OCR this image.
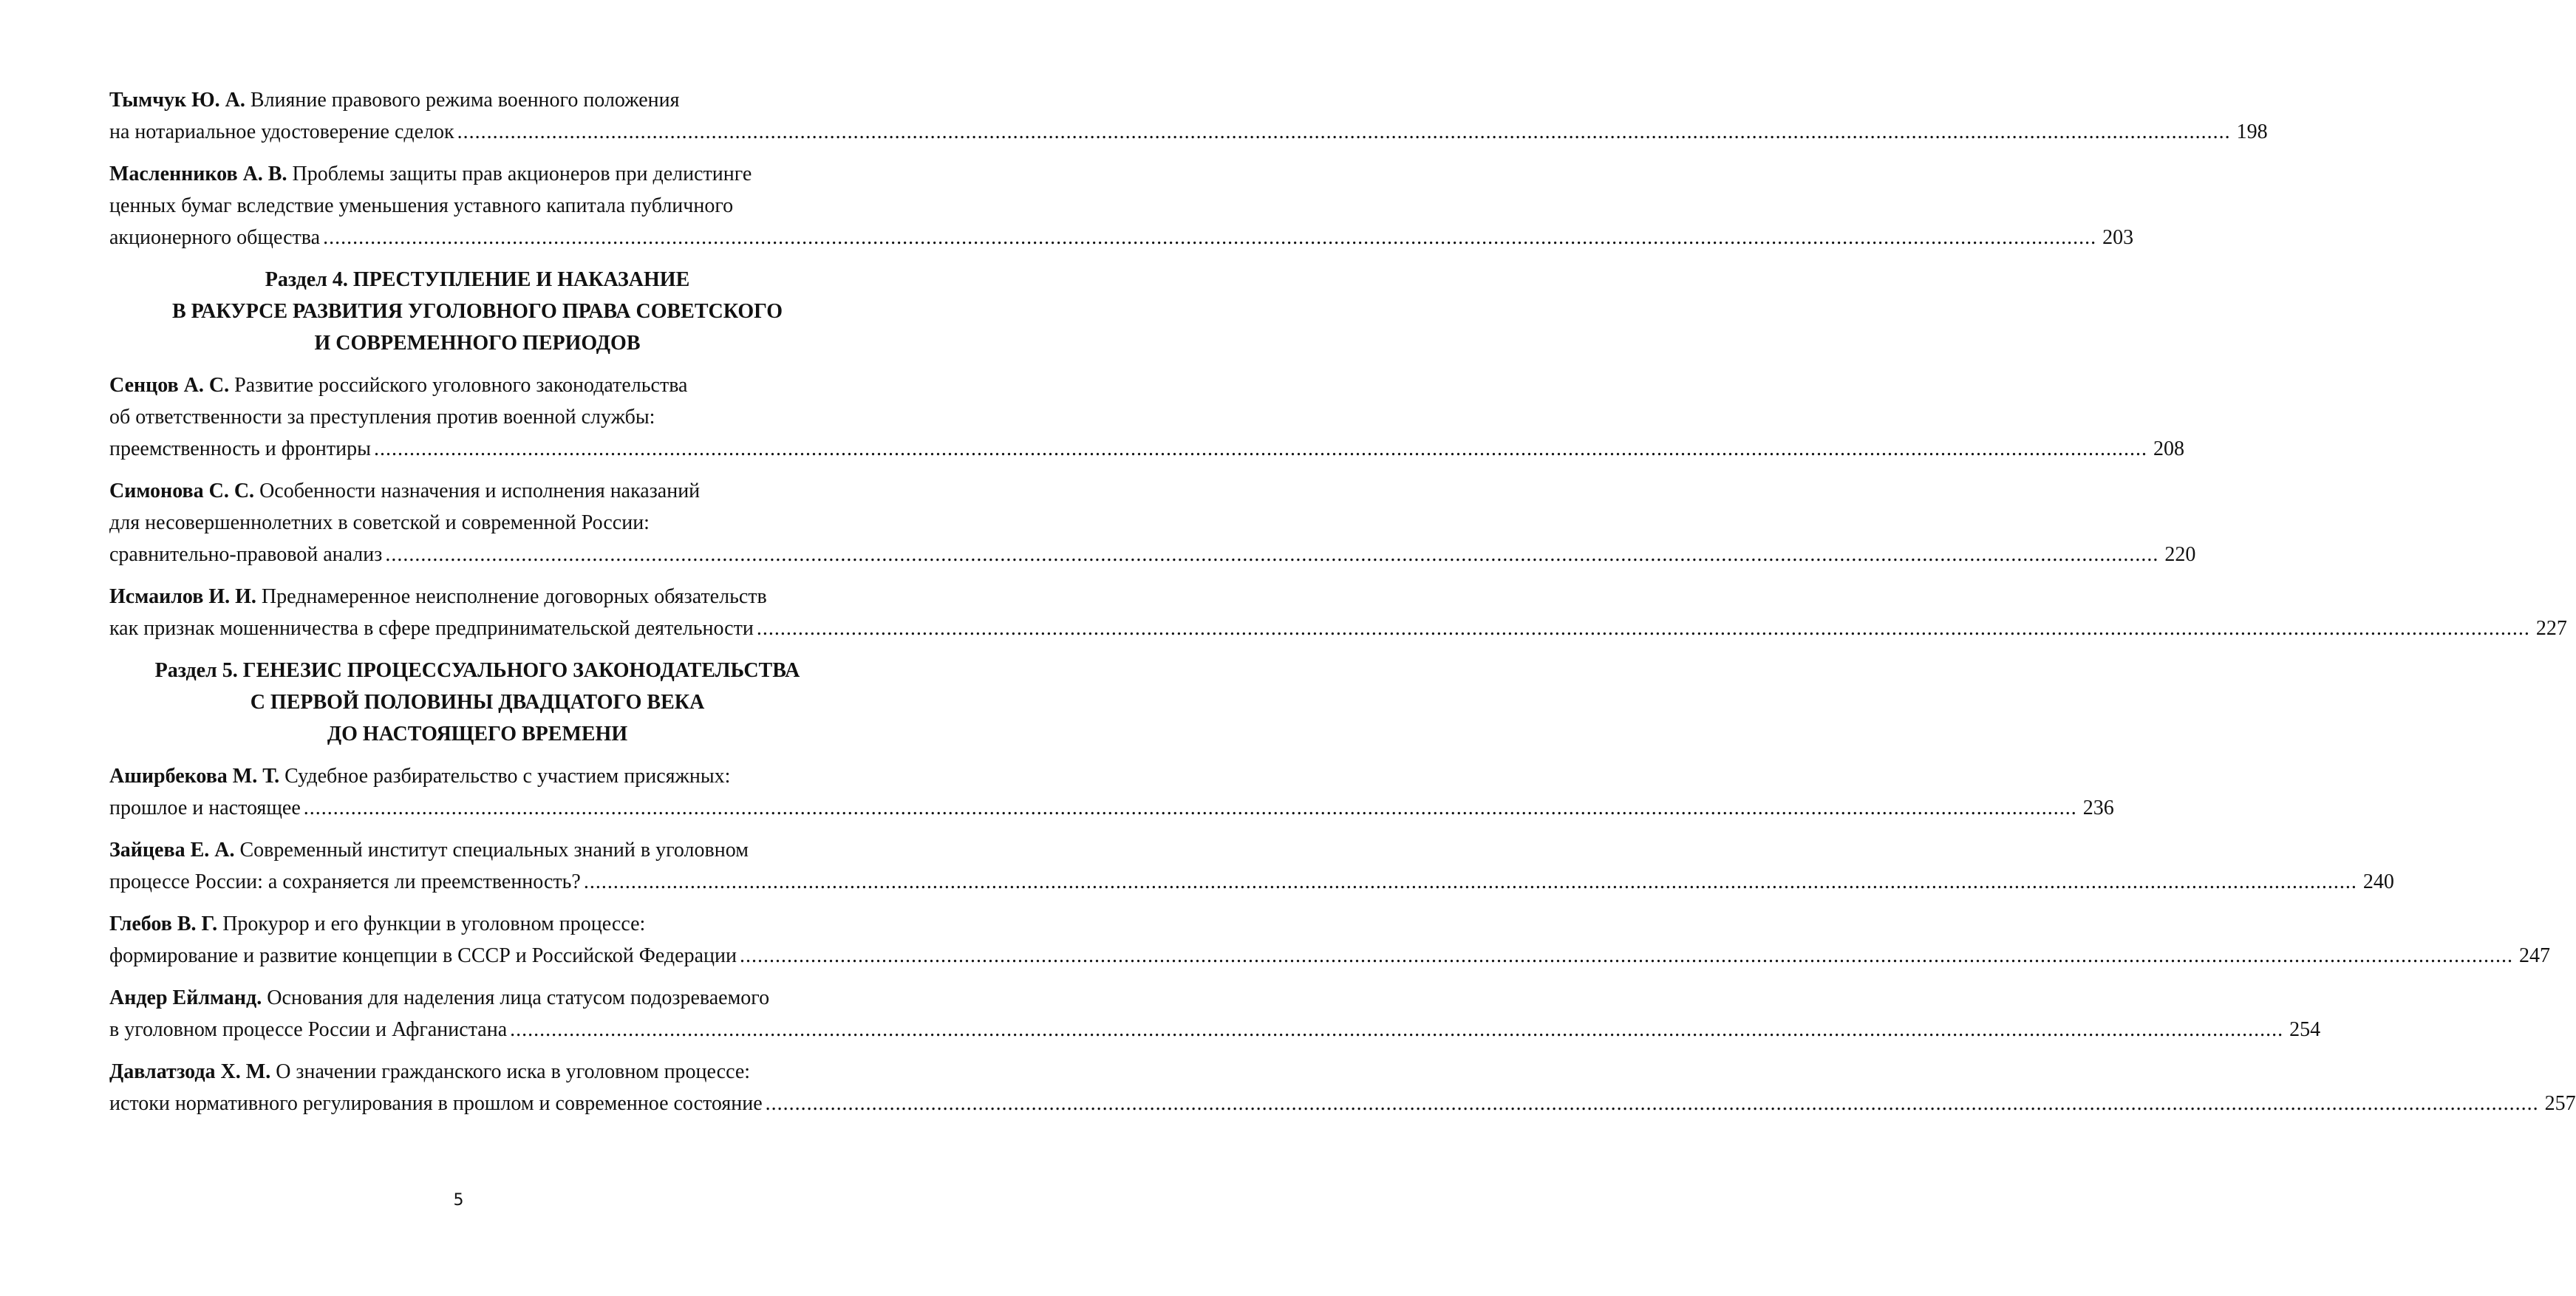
Тымчук Ю. А. Влияние правового режима военного положения
на нотариальное удостоверение сделок ............................................................................................................................................................................................................................................................................................................ 198
Масленников А. В. Проблемы защиты прав акционеров при делистинге
ценных бумаг вследствие уменьшения уставного капитала публичного
акционерного общества ............................................................................................................................................................................................................................................................................................................ 203
Раздел 4. ПРЕСТУПЛЕНИЕ И НАКАЗАНИЕ
В РАКУРСЕ РАЗВИТИЯ УГОЛОВНОГО ПРАВА СОВЕТСКОГО
И СОВРЕМЕННОГО ПЕРИОДОВ
Сенцов А. С. Развитие российского уголовного законодательства
об ответственности за преступления против военной службы:
преемственность и фронтиры ............................................................................................................................................................................................................................................................................................................ 208
Симонова С. С. Особенности назначения и исполнения наказаний
для несовершеннолетних в советской и современной России:
сравнительно-правовой анализ ............................................................................................................................................................................................................................................................................................................ 220
Исмаилов И. И. Преднамеренное неисполнение договорных обязательств
как признак мошенничества в сфере предпринимательской деятельности ............................................................................................................................................................................................................................................................................................................ 227
Раздел 5. ГЕНЕЗИС ПРОЦЕССУАЛЬНОГО ЗАКОНОДАТЕЛЬСТВА
С ПЕРВОЙ ПОЛОВИНЫ ДВАДЦАТОГО ВЕКА
ДО НАСТОЯЩЕГО ВРЕМЕНИ
Аширбекова М. Т. Судебное разбирательство с участием присяжных:
прошлое и настоящее ............................................................................................................................................................................................................................................................................................................ 236
Зайцева Е. А. Современный институт специальных знаний в уголовном
процессе России: а сохраняется ли преемственность? ............................................................................................................................................................................................................................................................................................................ 240
Глебов В. Г. Прокурор и его функции в уголовном процессе:
формирование и развитие концепции в СССР и Российской Федерации ............................................................................................................................................................................................................................................................................................................ 247
Андер Ейлманд. Основания для наделения лица статусом подозреваемого
в уголовном процессе России и Афганистана ............................................................................................................................................................................................................................................................................................................ 254
Давлатзода Х. М. О значении гражданского иска в уголовном процессе:
истоки нормативного регулирования в прошлом и современное состояние ............................................................................................................................................................................................................................................................................................................ 257
5
